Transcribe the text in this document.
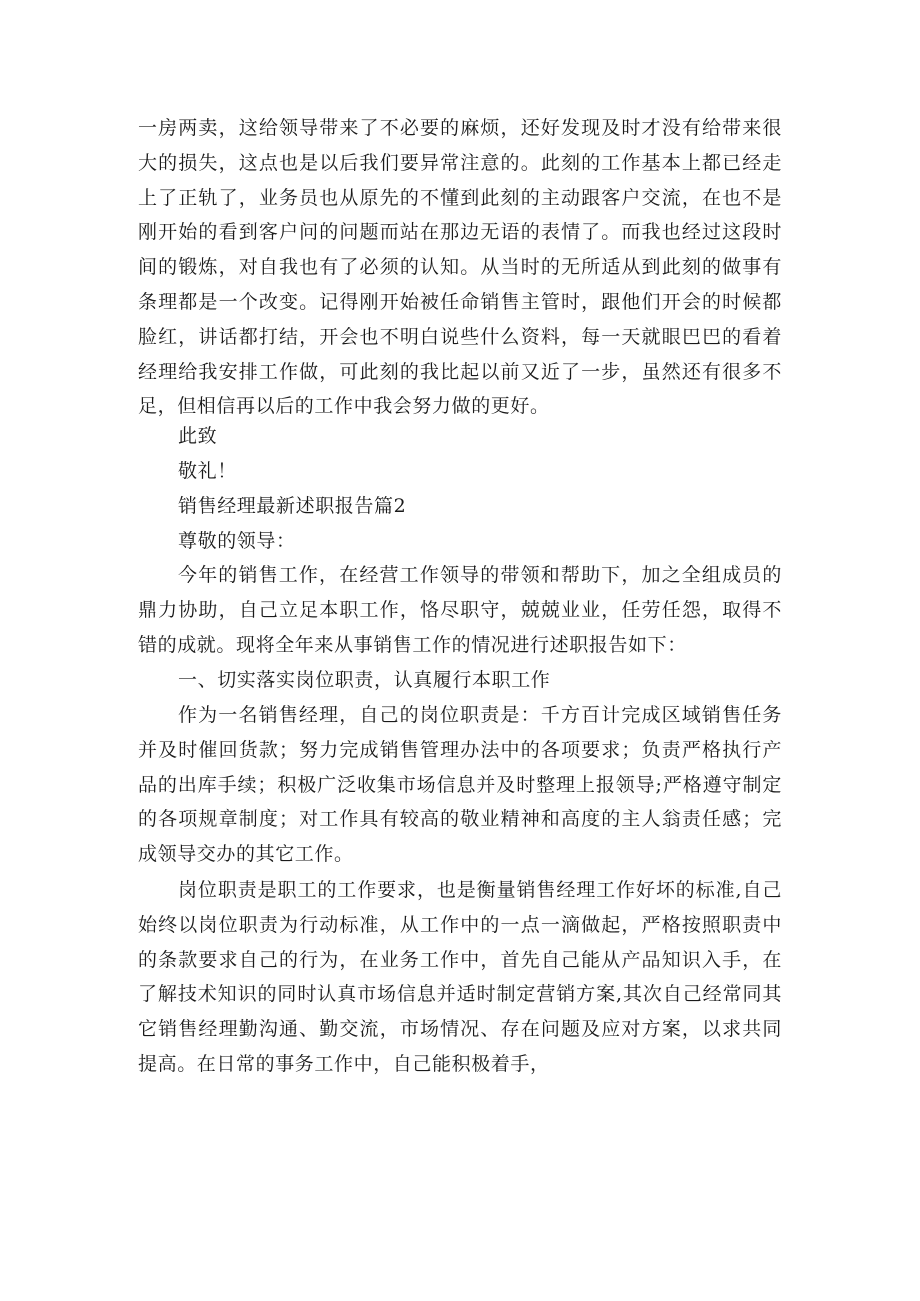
一房两卖，这给领导带来了不必要的麻烦，还好发现及时才没有给带来很大的损失，这点也是以后我们要异常注意的。此刻的工作基本上都已经走上了正轨了，业务员也从原先的不懂到此刻的主动跟客户交流，在也不是刚开始的看到客户问的问题而站在那边无语的表情了。而我也经过这段时间的锻炼，对自我也有了必须的认知。从当时的无所适从到此刻的做事有条理都是一个改变。记得刚开始被任命销售主管时，跟他们开会的时候都脸红，讲话都打结，开会也不明白说些什么资料，每一天就眼巴巴的看着经理给我安排工作做，可此刻的我比起以前又近了一步，虽然还有很多不足，但相信再以后的工作中我会努力做的更好。

此致

敬礼！

销售经理最新述职报告篇2

尊敬的领导：

今年的销售工作，在经营工作领导的带领和帮助下，加之全组成员的鼎力协助，自己立足本职工作，恪尽职守，兢兢业业，任劳任怨，取得不错的成就。现将全年来从事销售工作的情况进行述职报告如下：

一、切实落实岗位职责，认真履行本职工作

作为一名销售经理，自己的岗位职责是：千方百计完成区域销售任务并及时催回货款；努力完成销售管理办法中的各项要求；负责严格执行产品的出库手续；积极广泛收集市场信息并及时整理上报领导;严格遵守制定的各项规章制度；对工作具有较高的敬业精神和高度的主人翁责任感；完成领导交办的其它工作。

岗位职责是职工的工作要求，也是衡量销售经理工作好坏的标准,自己始终以岗位职责为行动标准，从工作中的一点一滴做起，严格按照职责中的条款要求自己的行为，在业务工作中，首先自己能从产品知识入手，在了解技术知识的同时认真市场信息并适时制定营销方案,其次自己经常同其它销售经理勤沟通、勤交流，市场情况、存在问题及应对方案，以求共同提高。在日常的事务工作中，自己能积极着手，
